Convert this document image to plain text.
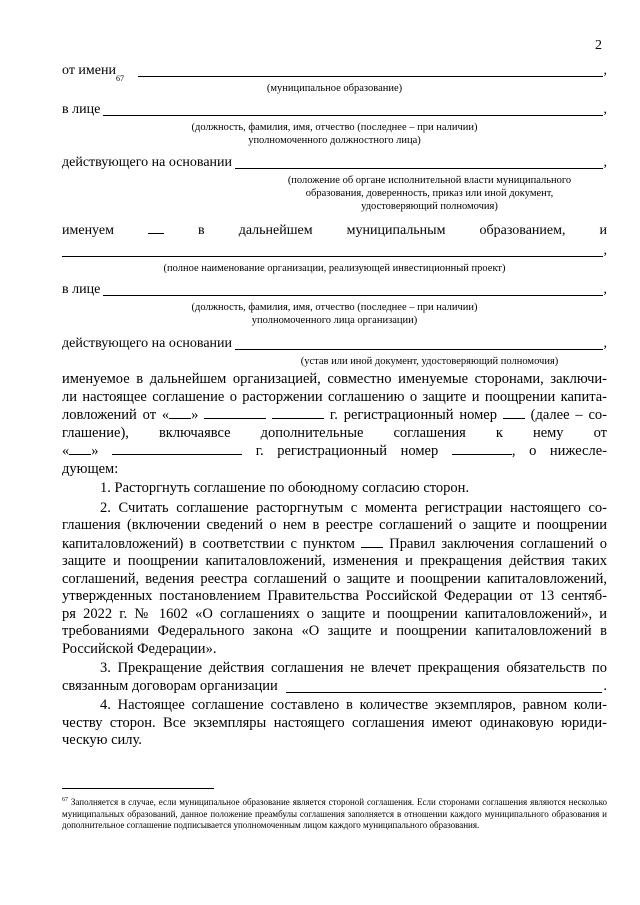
2
от имени
67
,
(муниципальное образование)
в лице	,
(должность, фамилия, имя, отчество (последнее – при наличии)
уполномоченного должностного лица)
действующего на основании	,
(положение об органе исполнительной власти муниципального
образования, доверенность, приказ или иной документ,
удостоверяющий полномочия)
именуем	в дальнейшем муниципальным образованием, и
,
(полное наименование организации, реализующей инвестиционный проект)
в лице	,
(должность, фамилия, имя, отчество (последнее – при наличии)
уполномоченного лица организации)
действующего на основании	,
(устав или иной документ, удостоверяющий полномочия)
именуемое в дальнейшем организацией, совместно именуемые сторонами, заключи-
ли настоящее соглашение о расторжении соглашению о защите и поощрении капита-
ловложений от « »	г. регистрационный номер (далее – со-
глашение), включаявсе дополнительные соглашения к нему от
« »	г. регистрационный номер	, о нижесле-
дующем:
1. Расторгнуть соглашение по обоюдному согласию сторон.
2. Считать соглашение расторгнутым с момента регистрации настоящего со-
глашения (включении сведений о нем в реестре соглашений о защите и поощрении
капиталовложений) в соответствии с пунктом Правил заключения соглашений о
защите и поощрении капиталовложений, изменения и прекращения действия таких
соглашений, ведения реестра соглашений о защите и поощрении капиталовложений,
утвержденных постановлением Правительства Российской Федерации от 13 сентяб-
ря 2022 г. № 1602 «О соглашениях о защите и поощрении капиталовложений», и
требованиями Федерального закона «О защите и поощрении капиталовложений в
Российской Федерации».
3. Прекращение действия соглашения не влечет прекращения обязательств по
связанным договорам организации	.
4. Настоящее соглашение составлено в количестве экземпляров, равном коли-
честву сторон. Все экземпляры настоящего соглашения имеют одинаковую юриди-
ческую силу.
$^{67}$ Заполняется в случае, если муниципальное образование является стороной соглашения. Если сторонами соглашения являются несколько муниципальных образований, данное положение преамбулы соглашения заполняется в отношении каждого муниципального образования и дополнительное соглашение подписывается уполномоченным лицом каждого муниципального образования.
